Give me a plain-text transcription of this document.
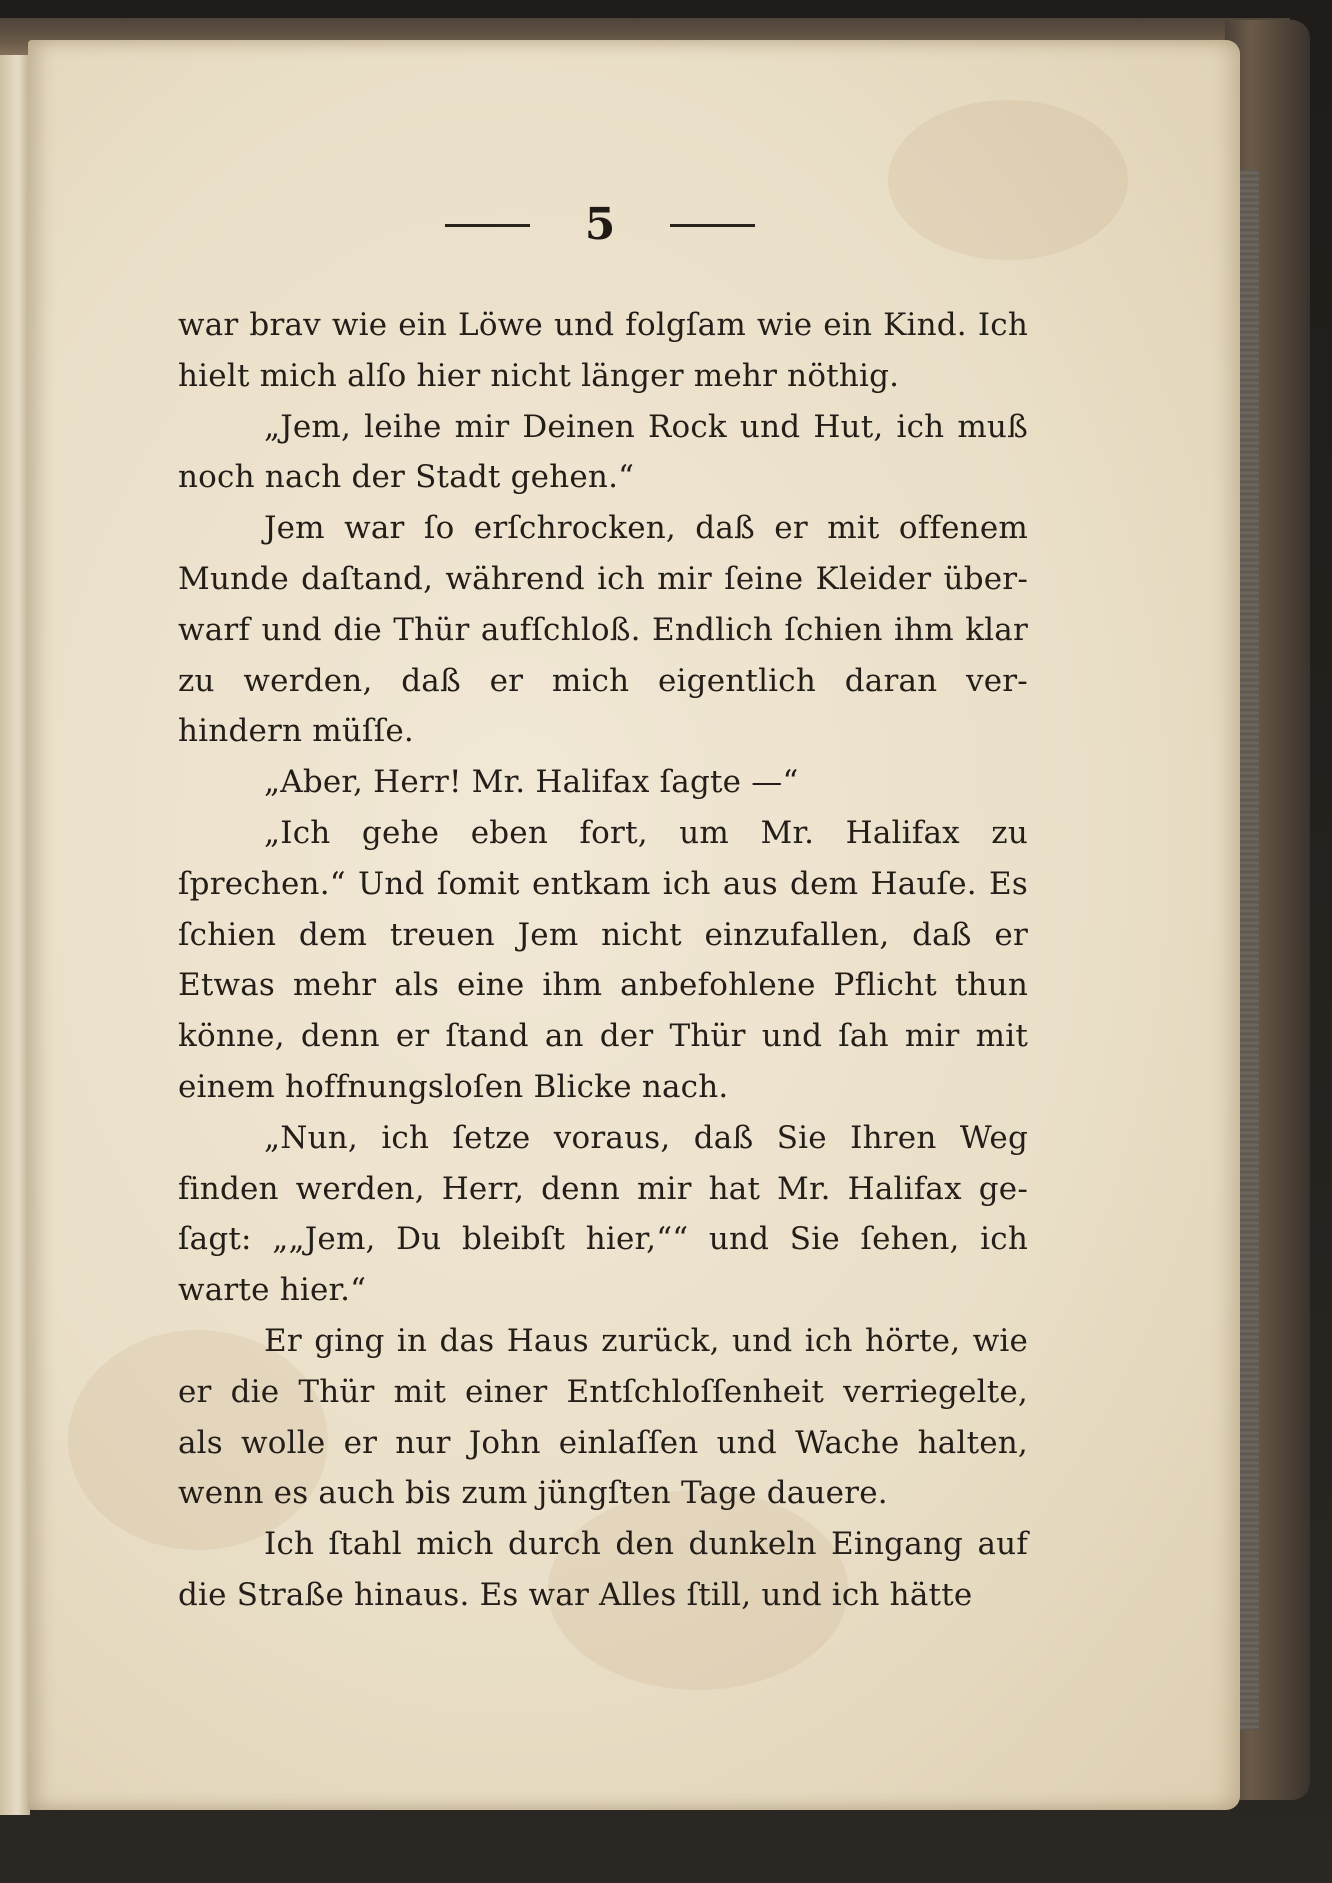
5

war brav wie ein Löwe und folgſam wie ein Kind. Ich hielt mich alſo hier nicht länger mehr nöthig.

„Jem, leihe mir Deinen Rock und Hut, ich muß noch nach der Stadt gehen.“

Jem war ſo erſchrocken, daß er mit offenem Munde daſtand, während ich mir ſeine Kleider über- warf und die Thür aufſchloß. Endlich ſchien ihm klar zu werden, daß er mich eigentlich daran ver- hindern müſſe.

„Aber, Herr! Mr. Halifax ſagte —“

„Ich gehe eben fort, um Mr. Halifax zu ſprechen.“ Und ſomit entkam ich aus dem Hauſe. Es ſchien dem treuen Jem nicht einzufallen, daß er Etwas mehr als eine ihm anbefohlene Pflicht thun könne, denn er ſtand an der Thür und ſah mir mit einem hoffnungsloſen Blicke nach.

„Nun, ich ſetze voraus, daß Sie Ihren Weg finden werden, Herr, denn mir hat Mr. Halifax ge- ſagt: „„Jem, Du bleibſt hier,““ und Sie ſehen, ich warte hier.“

Er ging in das Haus zurück, und ich hörte, wie er die Thür mit einer Entſchloſſenheit verriegelte, als wolle er nur John einlaſſen und Wache halten, wenn es auch bis zum jüngſten Tage dauere.

Ich ſtahl mich durch den dunkeln Eingang auf die Straße hinaus. Es war Alles ſtill, und ich hätte
